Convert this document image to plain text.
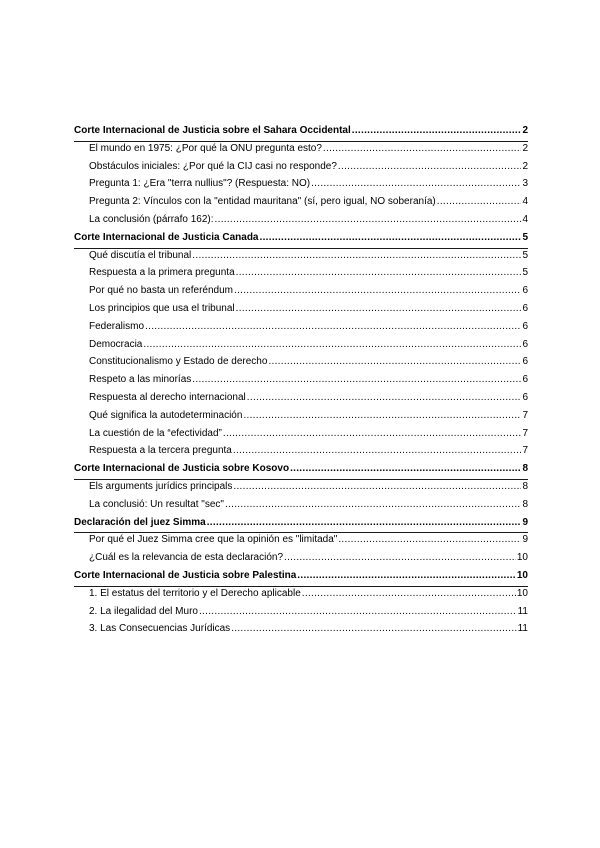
Corte Internacional de Justicia sobre el Sahara Occidental .....	2
El mundo en 1975: ¿Por qué la ONU pregunta esto? .....	2
Obstáculos iniciales: ¿Por qué la CIJ casi no responde? .....	2
Pregunta 1: ¿Era "terra nullius"? (Respuesta: NO) .....	3
Pregunta 2: Vínculos con la "entidad mauritana" (sí, pero igual, NO soberanía) .....	4
La conclusión (párrafo 162): .....	4
Corte Internacional de Justicia Canada .....	5
Qué discutía el tribunal .....	5
Respuesta a la primera pregunta .....	5
Por qué no basta un referéndum .....	6
Los principios que usa el tribunal .....	6
Federalismo .....	6
Democracia .....	6
Constitucionalismo y Estado de derecho .....	6
Respeto a las minorías .....	6
Respuesta al derecho internacional .....	6
Qué significa la autodeterminación .....	7
La cuestión de la “efectividad” .....	7
Respuesta a la tercera pregunta .....	7
Corte Internacional de Justicia sobre Kosovo .....	8
Els arguments jurídics principals .....	8
La conclusió: Un resultat "sec" .....	8
Declaración del juez Simma .....	9
Por qué el Juez Simma cree que la opinión es "limitada" .....	9
¿Cuál es la relevancia de esta declaración? .....	10
Corte Internacional de Justicia sobre Palestina .....	10
1. El estatus del territorio y el Derecho aplicable .....	10
2. La ilegalidad del Muro .....	11
3. Las Consecuencias Jurídicas .....	11
